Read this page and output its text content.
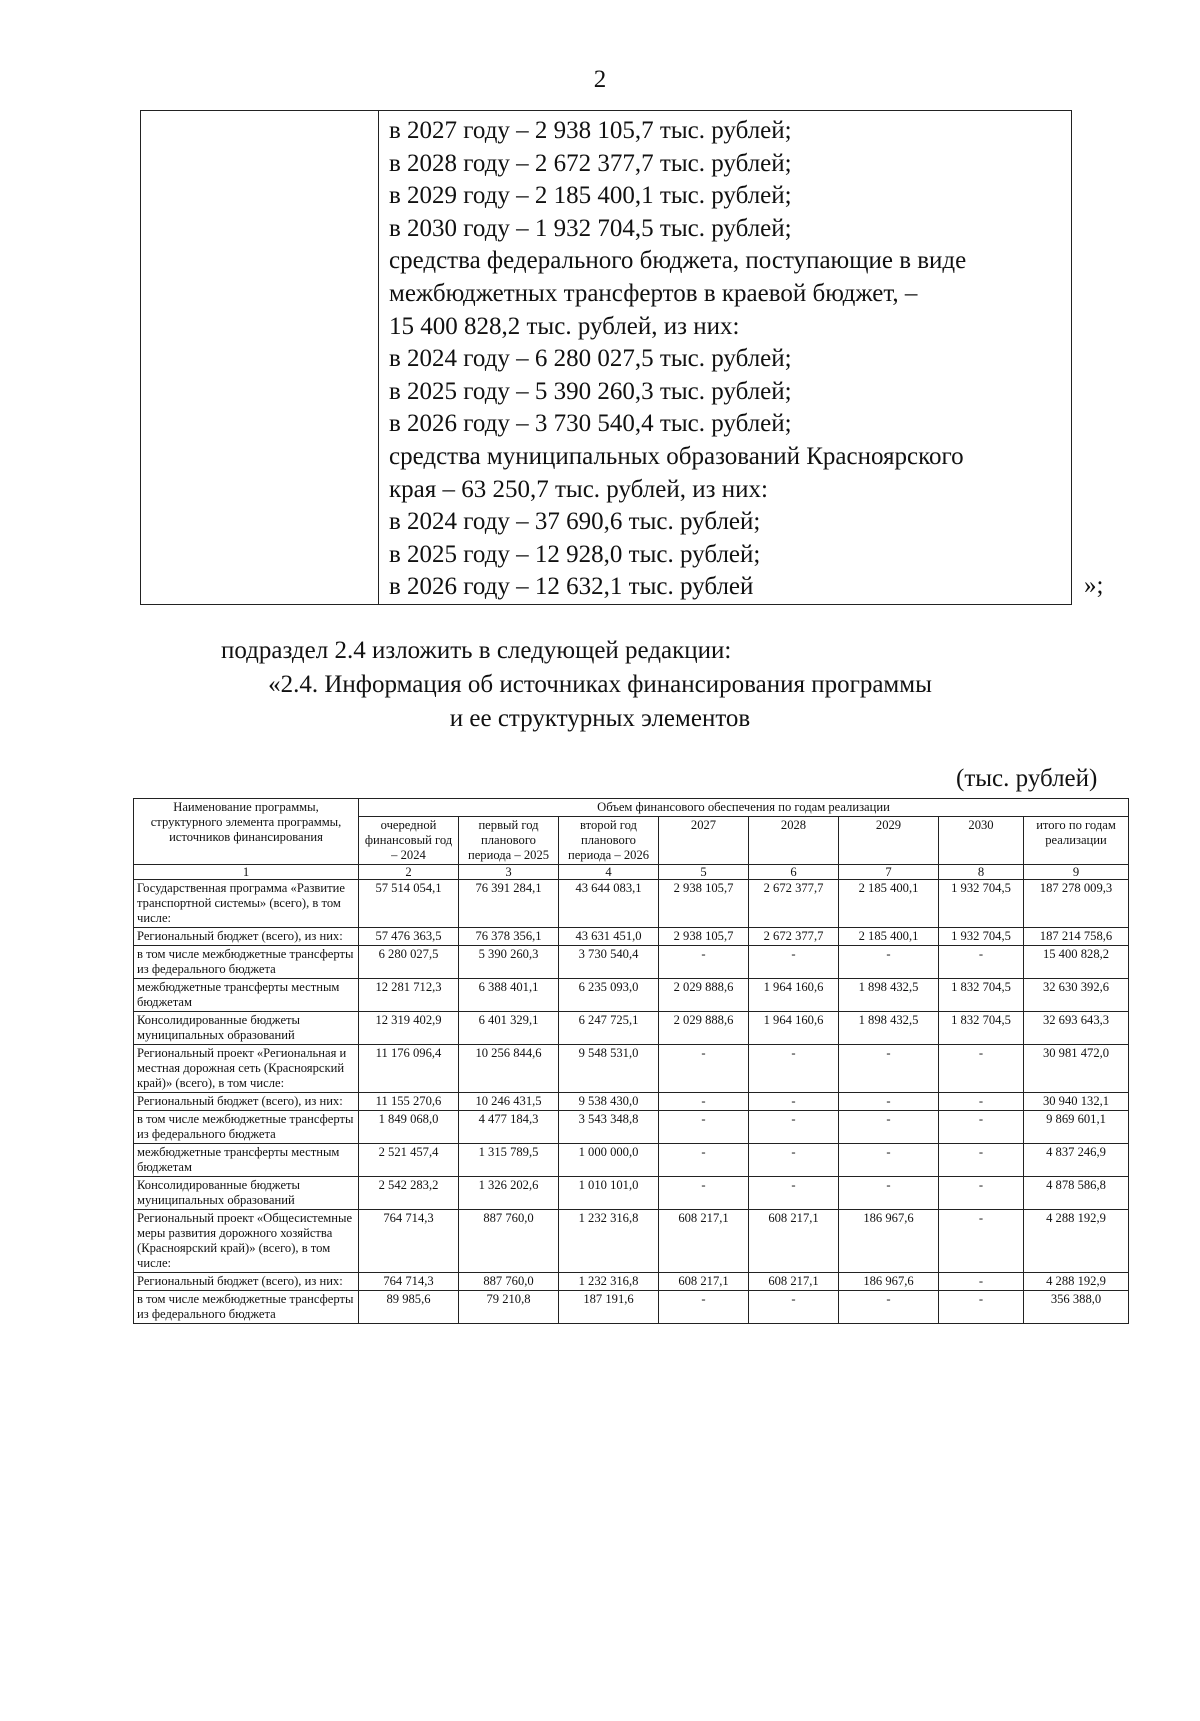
2
в 2027 году – 2 938 105,7 тыс. рублей;
в 2028 году – 2 672 377,7 тыс. рублей;
в 2029 году – 2 185 400,1 тыс. рублей;
в 2030 году – 1 932 704,5 тыс. рублей;
средства федерального бюджета, поступающие в виде
межбюджетных трансфертов в краевой бюджет, –
15 400 828,2 тыс. рублей, из них:
в 2024 году – 6 280 027,5 тыс. рублей;
в 2025 году – 5 390 260,3 тыс. рублей;
в 2026 году – 3 730 540,4 тыс. рублей;
средства муниципальных образований Красноярского
края – 63 250,7 тыс. рублей, из них:
в 2024 году – 37 690,6 тыс. рублей;
в 2025 году – 12 928,0 тыс. рублей;
в 2026 году – 12 632,1 тыс. рублей	»;
подраздел 2.4 изложить в следующей редакции:
«2.4. Информация об источниках финансирования программы
и ее структурных элементов
(тыс. рублей)
Наименование программы, структурного элемента программы, источников финансирования	Объем финансового обеспечения по годам реализации							
	очередной финансовый год – 2024	первый год планового периода – 2025	второй год планового периода – 2026	2027	2028	2029	2030	итого по годам реализации
1	2	3	4	5	6	7	8	9
Государственная программа «Развитие транспортной системы» (всего), в том числе:	57 514 054,1	76 391 284,1	43 644 083,1	2 938 105,7	2 672 377,7	2 185 400,1	1 932 704,5	187 278 009,3
Региональный бюджет (всего), из них:	57 476 363,5	76 378 356,1	43 631 451,0	2 938 105,7	2 672 377,7	2 185 400,1	1 932 704,5	187 214 758,6
в том числе межбюджетные трансферты из федерального бюджета	6 280 027,5	5 390 260,3	3 730 540,4	-	-	-	-	15 400 828,2
межбюджетные трансферты местным бюджетам	12 281 712,3	6 388 401,1	6 235 093,0	2 029 888,6	1 964 160,6	1 898 432,5	1 832 704,5	32 630 392,6
Консолидированные бюджеты муниципальных образований	12 319 402,9	6 401 329,1	6 247 725,1	2 029 888,6	1 964 160,6	1 898 432,5	1 832 704,5	32 693 643,3
Региональный проект «Региональная и местная дорожная сеть (Красноярский край)» (всего), в том числе:	11 176 096,4	10 256 844,6	9 548 531,0	-	-	-	-	30 981 472,0
Региональный бюджет (всего), из них:	11 155 270,6	10 246 431,5	9 538 430,0	-	-	-	-	30 940 132,1
в том числе межбюджетные трансферты из федерального бюджета	1 849 068,0	4 477 184,3	3 543 348,8	-	-	-	-	9 869 601,1
межбюджетные трансферты местным бюджетам	2 521 457,4	1 315 789,5	1 000 000,0	-	-	-	-	4 837 246,9
Консолидированные бюджеты муниципальных образований	2 542 283,2	1 326 202,6	1 010 101,0	-	-	-	-	4 878 586,8
Региональный проект «Общесистемные меры развития дорожного хозяйства (Красноярский край)» (всего), в том числе:	764 714,3	887 760,0	1 232 316,8	608 217,1	608 217,1	186 967,6	-	4 288 192,9
Региональный бюджет (всего), из них:	764 714,3	887 760,0	1 232 316,8	608 217,1	608 217,1	186 967,6	-	4 288 192,9
в том числе межбюджетные трансферты из федерального бюджета	89 985,6	79 210,8	187 191,6	-	-	-	-	356 388,0
